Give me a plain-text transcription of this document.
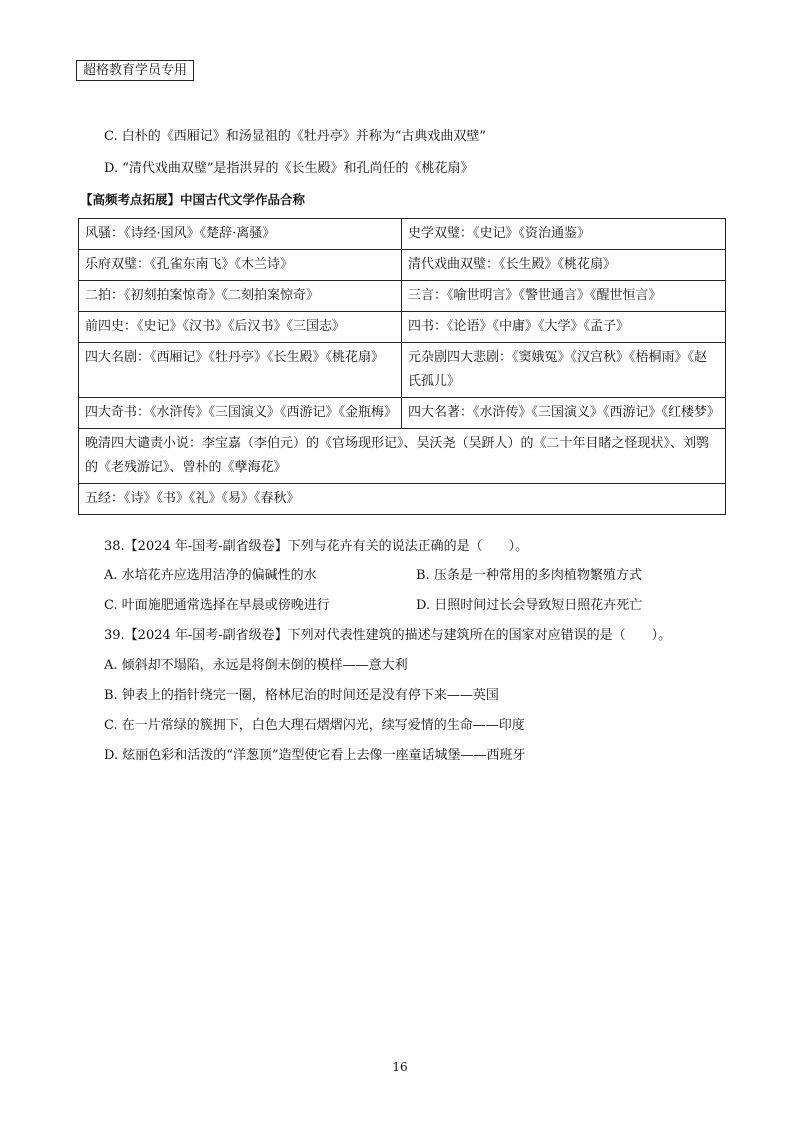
超格教育学员专用
C. 白朴的《西厢记》和汤显祖的《牡丹亭》并称为“古典戏曲双壁”
D. “清代戏曲双璧”是指洪昇的《长生殿》和孔尚任的《桃花扇》
【高频考点拓展】中国古代文学作品合称
风骚：《诗经·国风》《楚辞·离骚》	史学双璧：《史记》《资治通鉴》
乐府双璧：《孔雀东南飞》《木兰诗》	清代戏曲双璧：《长生殿》《桃花扇》
二拍：《初刻拍案惊奇》《二刻拍案惊奇》	三言：《喻世明言》《警世通言》《醒世恒言》
前四史：《史记》《汉书》《后汉书》《三国志》	四书：《论语》《中庸》《大学》《孟子》
四大名剧：《西厢记》《牡丹亭》《长生殿》《桃花扇》	元杂剧四大悲剧：《窦娥冤》《汉宫秋》《梧桐雨》《赵氏孤儿》
四大奇书：《水浒传》《三国演义》《西游记》《金瓶梅》	四大名著：《水浒传》《三国演义》《西游记》《红楼梦》
晚清四大谴责小说：李宝嘉（李伯元）的《官场现形记》、吴沃尧（吴趼人）的《二十年目睹之怪现状》、刘鹗的《老残游记》、曾朴的《孽海花》	
五经：《诗》《书》《礼》《易》《春秋》	
38.【2024 年-国考-副省级卷】下列与花卉有关的说法正确的是（　　）。
A. 水培花卉应选用洁净的偏碱性的水	B. 压条是一种常用的多肉植物繁殖方式
C. 叶面施肥通常选择在早晨或傍晚进行	D. 日照时间过长会导致短日照花卉死亡
39.【2024 年-国考-副省级卷】下列对代表性建筑的描述与建筑所在的国家对应错误的是（　　）。
A. 倾斜却不塌陷，永远是将倒未倒的模样——意大利
B. 钟表上的指针绕完一圈，格林尼治的时间还是没有停下来——英国
C. 在一片常绿的簇拥下，白色大理石熠熠闪光，续写爱情的生命——印度
D. 炫丽色彩和活泼的“洋葱顶”造型使它看上去像一座童话城堡——西班牙
16
